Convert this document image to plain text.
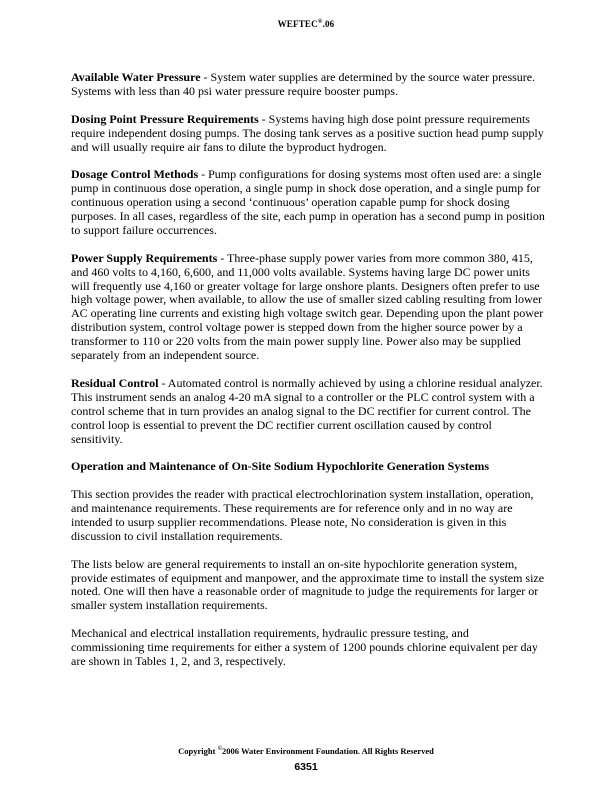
WEFTEC®.06

Available Water Pressure - System water supplies are determined by the source water pressure. Systems with less than 40 psi water pressure require booster pumps.

Dosing Point Pressure Requirements - Systems having high dose point pressure requirements require independent dosing pumps. The dosing tank serves as a positive suction head pump supply and will usually require air fans to dilute the byproduct hydrogen.

Dosage Control Methods - Pump configurations for dosing systems most often used are: a single pump in continuous dose operation, a single pump in shock dose operation, and a single pump for continuous operation using a second ‘continuous’ operation capable pump for shock dosing purposes. In all cases, regardless of the site, each pump in operation has a second pump in position to support failure occurrences.

Power Supply Requirements - Three-phase supply power varies from more common 380, 415, and 460 volts to 4,160, 6,600, and 11,000 volts available. Systems having large DC power units will frequently use 4,160 or greater voltage for large onshore plants. Designers often prefer to use high voltage power, when available, to allow the use of smaller sized cabling resulting from lower AC operating line currents and existing high voltage switch gear. Depending upon the plant power distribution system, control voltage power is stepped down from the higher source power by a transformer to 110 or 220 volts from the main power supply line. Power also may be supplied separately from an independent source.

Residual Control - Automated control is normally achieved by using a chlorine residual analyzer. This instrument sends an analog 4-20 mA signal to a controller or the PLC control system with a control scheme that in turn provides an analog signal to the DC rectifier for current control. The control loop is essential to prevent the DC rectifier current oscillation caused by control sensitivity.

Operation and Maintenance of On-Site Sodium Hypochlorite Generation Systems

This section provides the reader with practical electrochlorination system installation, operation, and maintenance requirements. These requirements are for reference only and in no way are intended to usurp supplier recommendations. Please note, No consideration is given in this discussion to civil installation requirements.

The lists below are general requirements to install an on-site hypochlorite generation system, provide estimates of equipment and manpower, and the approximate time to install the system size noted. One will then have a reasonable order of magnitude to judge the requirements for larger or smaller system installation requirements.

Mechanical and electrical installation requirements, hydraulic pressure testing, and commissioning time requirements for either a system of 1200 pounds chlorine equivalent per day are shown in Tables 1, 2, and 3, respectively.

Copyright ©2006 Water Environment Foundation. All Rights Reserved
6351
